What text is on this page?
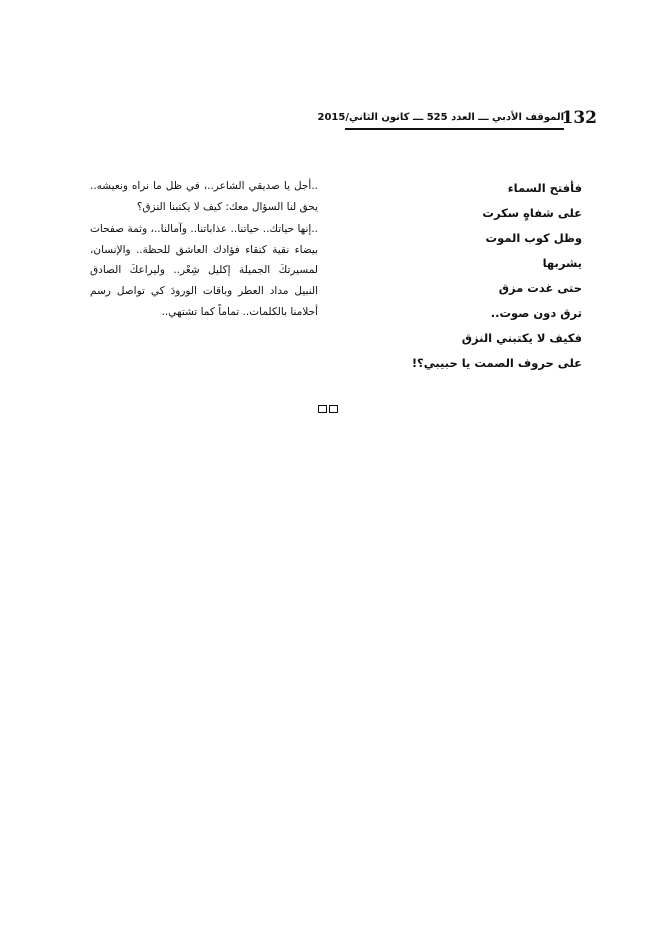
132
الموقف الأدبي ـــ العدد 525 ـــ كانون الثاني/2015
فأفتح السماء
على شفاهٍ سكرت
وظل كوب الموت
يشربها
حتى غدت مزق
ترق دون صوت..
فكيف لا يكتبني النزق
على حروف الصمت يا حبيبي؟!

..أجل يا صديقي الشاعر..، في ظل ما نراه ونعيشه.. يحق لنا السؤال معك: كيف لا يكتبنا النزق؟

..إنها حياتك.. حياتنا.. عذاباتنا.. وآمالنا..، وثمة صفحات بيضاء نقية كنقاء فؤادك العاشق للحظة.. والإنسان، لمسيرتكَ الجميلة إكليل شِعْر.. وليراعكَ الصادق النبيل مداد العطر وباقات الورودَ كي تواصل رسم أحلامنا بالكلمات.. تماماً كما تشتهي..
